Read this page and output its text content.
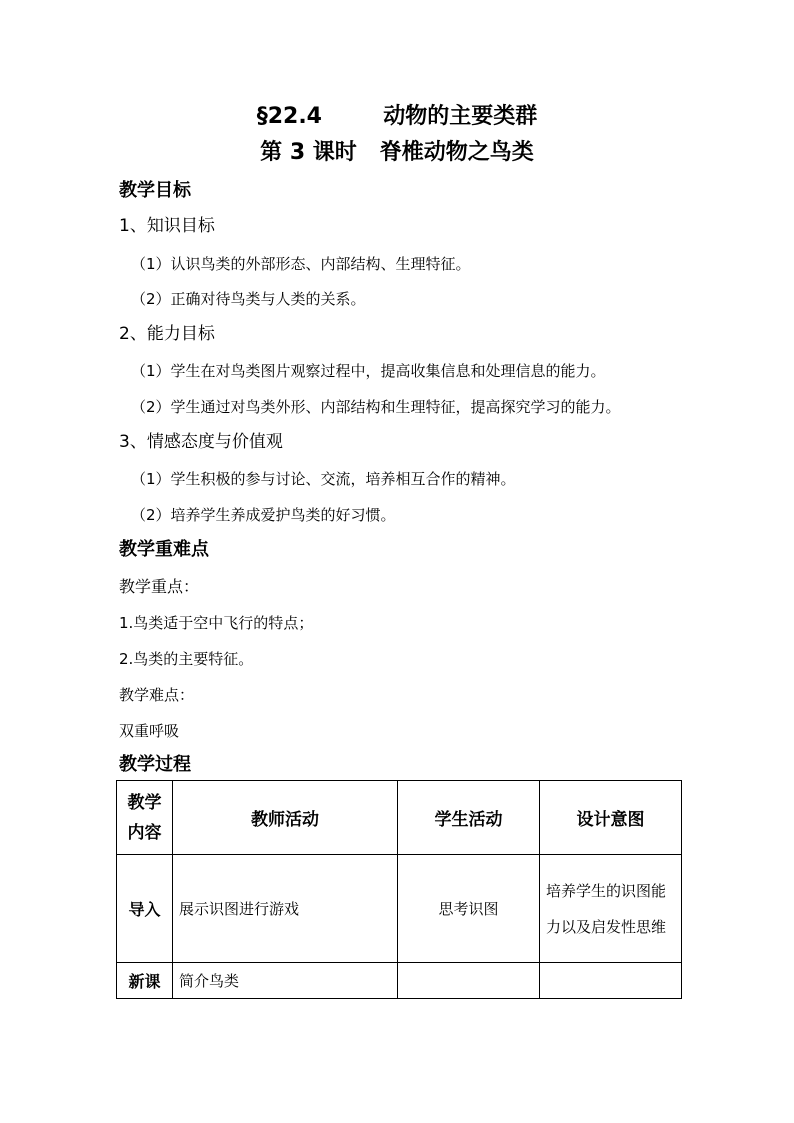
§22.4	动物的主要类群
第 3 课时 脊椎动物之鸟类
教学目标
1、知识目标
（1）认识鸟类的外部形态、内部结构、生理特征。
（2）正确对待鸟类与人类的关系。
2、能力目标
（1）学生在对鸟类图片观察过程中，提高收集信息和处理信息的能力。
（2）学生通过对鸟类外形、内部结构和生理特征，提高探究学习的能力。
3、情感态度与价值观
（1）学生积极的参与讨论、交流，培养相互合作的精神。
（2）培养学生养成爱护鸟类的好习惯。
教学重难点
教学重点：
1.鸟类适于空中飞行的特点；
2.鸟类的主要特征。
教学难点：
双重呼吸
教学过程
教学
内容	教师活动	学生活动	设计意图
导入	展示识图进行游戏	思考识图	培养学生的识图能力以及启发性思维
新课	简介鸟类		
